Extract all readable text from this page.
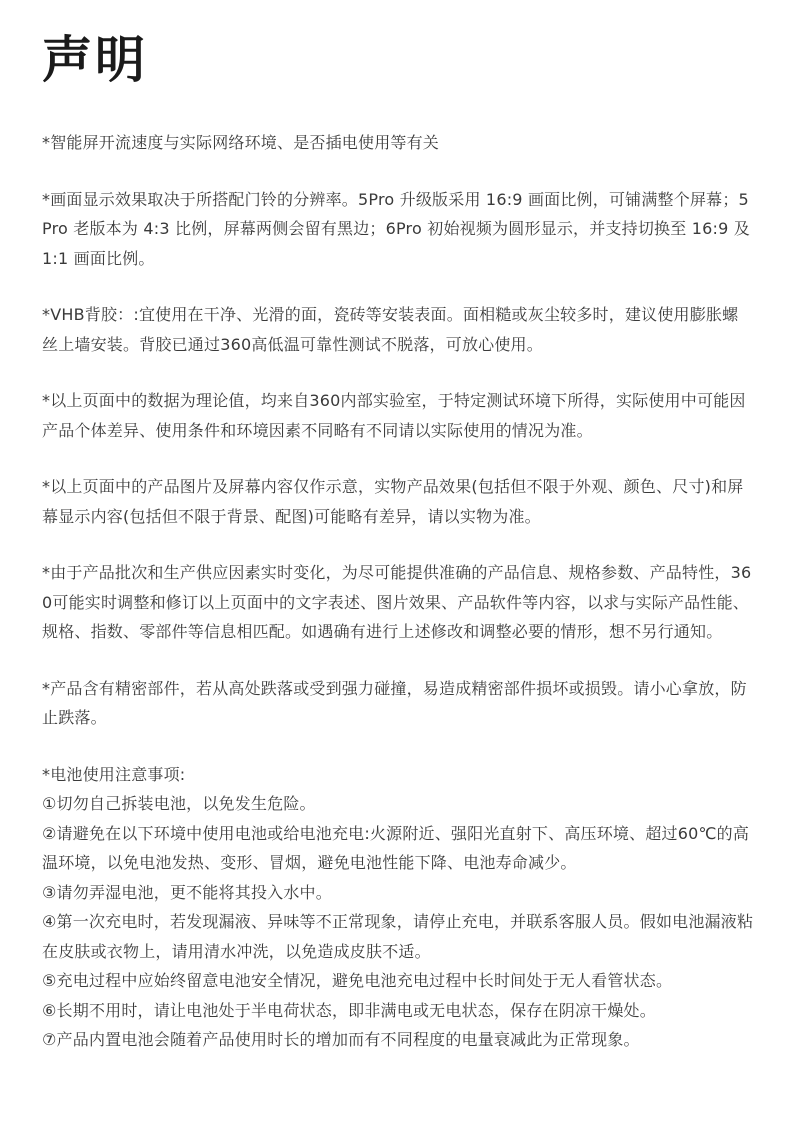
声明

*智能屏开流速度与实际网络环境、是否插电使用等有关

*画面显示效果取决于所搭配门铃的分辨率。5Pro 升级版采用 16:9 画面比例，可铺满整个屏幕；5Pro 老版本为 4:3 比例，屏幕两侧会留有黑边；6Pro 初始视频为圆形显示，并支持切换至 16:9 及 1:1 画面比例。

*VHB背胶：:宜使用在干净、光滑的面，瓷砖等安装表面。面相糙或灰尘较多时，建议使用膨胀螺丝上墙安装。背胶已通过360高低温可靠性测试不脱落，可放心使用。

*以上页面中的数据为理论值，均来自360内部实验室，于特定测试环境下所得，实际使用中可能因产品个体差异、使用条件和环境因素不同略有不同请以实际使用的情况为准。

*以上页面中的产品图片及屏幕内容仅作示意，实物产品效果(包括但不限于外观、颜色、尺寸)和屏幕显示内容(包括但不限于背景、配图)可能略有差异，请以实物为准。

*由于产品批次和生产供应因素实时变化，为尽可能提供准确的产品信息、规格参数、产品特性，360可能实时调整和修订以上页面中的文字表述、图片效果、产品软件等内容，以求与实际产品性能、规格、指数、零部件等信息相匹配。如遇确有进行上述修改和调整必要的情形，想不另行通知。

*产品含有精密部件，若从高处跌落或受到强力碰撞，易造成精密部件损坏或损毁。请小心拿放，防止跌落。

*电池使用注意事项:

①切勿自己拆装电池，以免发生危险。
②请避免在以下环境中使用电池或给电池充电:火源附近、强阳光直射下、高压环境、超过60℃的高温环境，以免电池发热、变形、冒烟，避免电池性能下降、电池寿命减少。
③请勿弄湿电池，更不能将其投入水中。
④第一次充电时，若发现漏液、异味等不正常现象，请停止充电，并联系客服人员。假如电池漏液粘在皮肤或衣物上，请用清水冲洗，以免造成皮肤不适。
⑤充电过程中应始终留意电池安全情况，避免电池充电过程中长时间处于无人看管状态。
⑥长期不用时，请让电池处于半电荷状态，即非满电或无电状态，保存在阴凉干燥处。
⑦产品内置电池会随着产品使用时长的增加而有不同程度的电量衰减此为正常现象。
